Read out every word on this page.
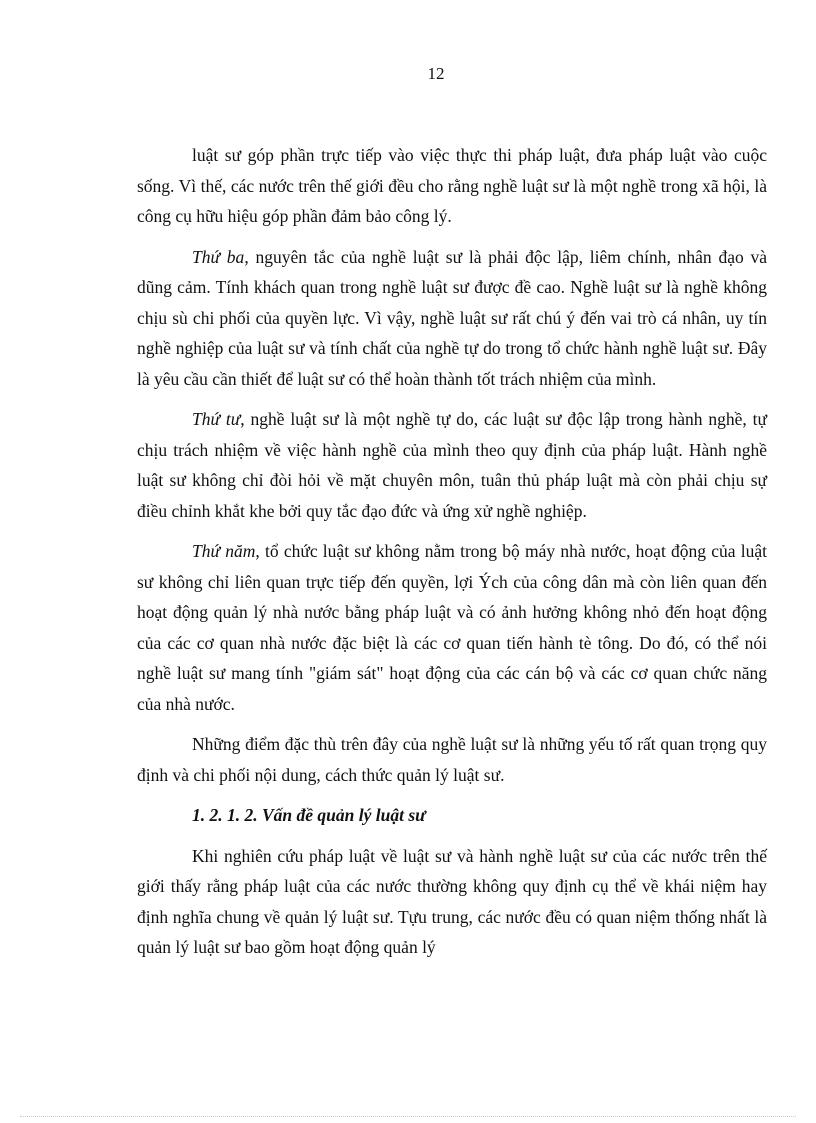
12

luật sư góp phần trực tiếp vào việc thực thi pháp luật, đưa pháp luật vào cuộc sống. Vì thế, các nước trên thế giới đều cho rằng nghề luật sư là một nghề trong xã hội, là công cụ hữu hiệu góp phần đảm bảo công lý.

Thứ ba, nguyên tắc của nghề luật sư là phải độc lập, liêm chính, nhân đạo và dũng cảm. Tính khách quan trong nghề luật sư được đề cao. Nghề luật sư là nghề không chịu sù chi phối của quyền lực. Vì vậy, nghề luật sư rất chú ý đến vai trò cá nhân, uy tín nghề nghiệp của luật sư và tính chất của nghề tự do trong tổ chức hành nghề luật sư. Đây là yêu cầu cần thiết để luật sư có thể hoàn thành tốt trách nhiệm của mình.

Thứ tư, nghề luật sư là một nghề tự do, các luật sư độc lập trong hành nghề, tự chịu trách nhiệm về việc hành nghề của mình theo quy định của pháp luật. Hành nghề luật sư không chỉ đòi hỏi về mặt chuyên môn, tuân thủ pháp luật mà còn phải chịu sự điều chỉnh khắt khe bởi quy tắc đạo đức và ứng xử nghề nghiệp.

Thứ năm, tổ chức luật sư không nằm trong bộ máy nhà nước, hoạt động của luật sư không chỉ liên quan trực tiếp đến quyền, lợi Ých của công dân mà còn liên quan đến hoạt động quản lý nhà nước bằng pháp luật và có ảnh hưởng không nhỏ đến hoạt động của các cơ quan nhà nước đặc biệt là các cơ quan tiến hành tè tông. Do đó, có thể nói nghề luật sư mang tính "giám sát" hoạt động của các cán bộ và các cơ quan chức năng của nhà nước.

Những điểm đặc thù trên đây của nghề luật sư là những yếu tố rất quan trọng quy định và chi phối nội dung, cách thức quản lý luật sư.

1. 2. 1. 2. Vấn đề quản lý luật sư

Khi nghiên cứu pháp luật về luật sư và hành nghề luật sư của các nước trên thế giới thấy rằng pháp luật của các nước thường không quy định cụ thể về khái niệm hay định nghĩa chung về quản lý luật sư. Tựu trung, các nước đều có quan niệm thống nhất là quản lý luật sư bao gồm hoạt động quản lý
